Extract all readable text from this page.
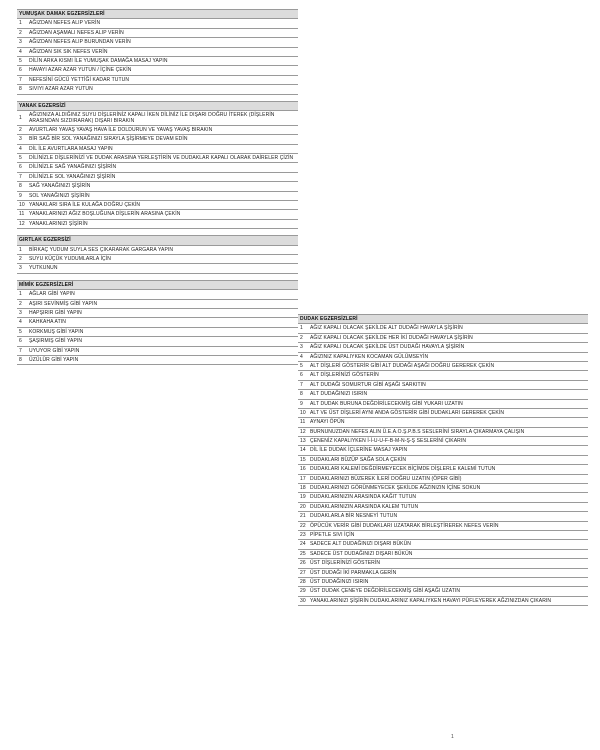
YUMUŞAK DAMAK EGZERSİZLERİ	
1	AĞIZDAN NEFES ALIP VERİN
2	AĞIZDAN AŞAMALI NEFES ALIP VERİN
3	AĞIZDAN NEFES ALIP BURUNDAN VERİN
4	AĞIZDAN SIK SIK NEFES VERİN
5	DİLİN ARKA KISMI İLE YUMUŞAK DAMAĞA MASAJ YAPIN
6	HAVAYI AZAR AZAR YUTUN / İÇİNE ÇEKİN
7	NEFESİNİ GÜCÜ YETTİĞİ KADAR TUTUN
8	SIVIYI AZAR AZAR YUTUN

YANAK EGZERSİZİ	
1	AĞIZINIZA ALDIĞINIZ SUYU DİŞLERİNİZ KAPALI İKEN DİLİNİZ İLE DIŞARI DOĞRU İTEREK (DİŞLERİN ARASINDAN SIZDIRARAK) DIŞARI BIRAKIN
2	AVURTLARI YAVAŞ YAVAŞ HAVA İLE DOLDURUN VE YAVAŞ YAVAŞ BIRAKIN
3	BİR SAĞ BİR SOL YANAĞINIZI SIRAYLA ŞİŞİRMEYE DEVAM EDİN
4	DİL İLE AVURTLARA MASAJ YAPIN
5	DİLİNİZLE DİŞLERİNİZİ VE DUDAK ARASINA YERLEŞTİRİN VE DUDAKLAR KAPALI OLARAK DAİRELER ÇİZİN
6	DİLİNİZLE SAĞ YANAĞINIZI ŞİŞİRİN
7	DİLİNİZLE SOL YANAĞINIZI ŞİŞİRİN
8	SAĞ YANAĞINIZI ŞİŞİRİN
9	SOL YANAĞINIZI ŞİŞİRİN
10	YANAKLARI SIRA İLE KULAĞA DOĞRU ÇEKİN
11	YANAKLARINIZI AĞIZ BOŞLUĞUNA DİŞLERİN ARASINA ÇEKİN
12	YANAKLARINIZI ŞİŞİRİN

GIRTLAK EGZERSİZİ	
1	BİRKAÇ YUDUM SUYLA SES ÇIKARARAK GARGARA YAPIN
2	SUYU KÜÇÜK YUDUMLARLA İÇİN
3	YUTKUNUN

MİMİK EGZERSİZLERİ	
1	AĞLAR GİBİ YAPIN
2	AŞIRI SEVİNMİŞ GİBİ YAPIN
3	HAPŞIRIR GİBİ YAPIN
4	KAHKAHA ATIN
5	KORKMUŞ GİBİ YAPIN
6	ŞAŞIRMIŞ GİBİ YAPIN
7	UYUYOR GİBİ YAPIN
8	ÜZÜLÜR GİBİ YAPIN
DUDAK EGZERSİZLERİ	
1	AĞIZ KAPALI OLACAK ŞEKİLDE ALT DUDAĞI HAVAYLA ŞİŞİRİN
2	AĞIZ KAPALI OLACAK ŞEKİLDE HER İKİ DUDAĞI HAVAYLA ŞİŞİRİN
3	AĞIZ KAPALI OLACAK ŞEKİLDE ÜST DUDAĞI HAVAYLA ŞİŞİRİN
4	AĞIZINIZ KAPALIYKEN KOCAMAN GÜLÜMSEYİN
5	ALT DİŞLERİ GÖSTERİR GİBİ ALT DUDAĞI AŞAĞI DOĞRU GEREREK ÇEKİN
6	ALT DİŞLERİNİZİ GÖSTERİN
7	ALT DUDAĞI SOMURTUR GİBİ AŞAĞI SARKITIN
8	ALT DUDAĞINIZI ISIRIN
9	ALT DUDAK BURUNA DEĞDİRİLECEKMİŞ GİBİ YUKARI UZATIN
10	ALT VE ÜST DİŞLERİ AYNI ANDA GÖSTERİR GİBİ DUDAKLARI GEREREK ÇEKİN
11	AYNAYI ÖPÜN
12	BURNUNUZDAN NEFES ALIN Ü.E.A.O.Ş.P.B.S SESLERİNİ SIRAYLA ÇIKARMAYA ÇALIŞIN
13	ÇENENİZ KAPALIYKEN İ-İ-U-U-F-B-M-N-Ş-Ş SESLERİNİ ÇIKARIN
14	DİL İLE DUDAK İÇLERİNE MASAJ YAPIN
15	DUDAKLARI BÜZÜP SAĞA SOLA ÇEKİN
16	DUDAKLARI KALEMİ DEĞDİRMEYECEK BİÇİMDE DİŞLERLE KALEMİ TUTUN
17	DUDAKLARINIZI BÜZEREK İLERİ DOĞRU UZATIN (ÖPER GİBİ)
18	DUDAKLARINIZI GÖRÜNMEYECEK ŞEKİLDE AĞZINIZIN İÇİNE SOKUN
19	DUDAKLARINIZIN ARASINDA KAĞIT TUTUN
20	DUDAKLARINIZIN ARASINDA KALEM TUTUN
21	DUDAKLARLA BİR NESNEYİ TUTUN
22	ÖPÜCÜK VERİR GİBİ DUDAKLARI UZATARAK BİRLEŞTİREREK NEFES VERİN
23	PİPETLE SIVI İÇİN
24	SADECE ALT DUDAĞINIZI DIŞARI BÜKÜN
25	SADECE ÜST DUDAĞINIZI DIŞARI BÜKÜN
26	ÜST DİŞLERİNİZİ GÖSTERİN
27	ÜST DUDAĞI İKİ PARMAKLA GERİN
28	ÜST DUDAĞINIZI ISIRIN
29	ÜST DUDAK ÇENEYE DEĞDİRİLECEKMİŞ GİBİ AŞAĞI UZATIN
30	YANAKLARINIZI ŞİŞİRİN DUDAKLARINIZ KAPALIYKEN HAVAYI PÜFLEYEREK AĞZINIZDAN ÇIKARIN
1
